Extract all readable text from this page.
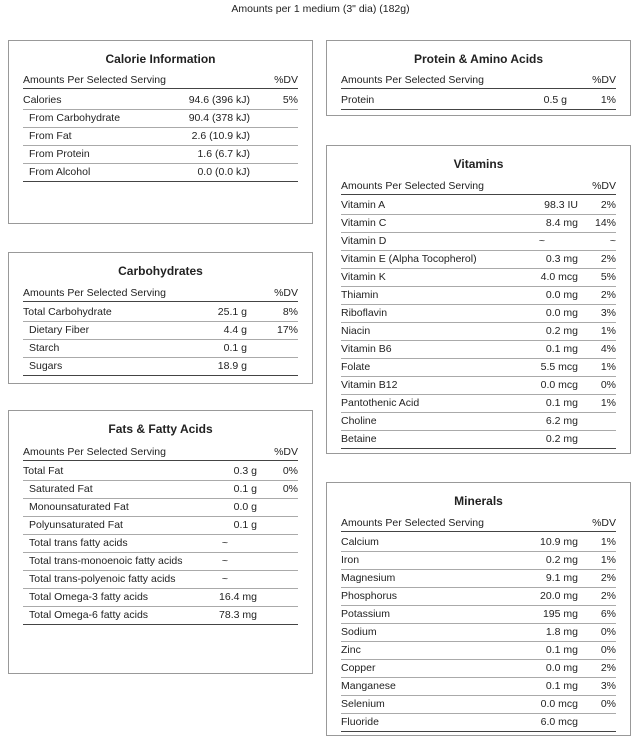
Amounts per 1 medium (3" dia) (182g)
Calorie Information
Amounts Per Selected Serving	%DV
Calories	94.6 (396 kJ)	5%
From Carbohydrate	90.4 (378 kJ)
From Fat	2.6 (10.9 kJ)
From Protein	1.6 (6.7 kJ)
From Alcohol	0.0 (0.0 kJ)
Carbohydrates
Amounts Per Selected Serving	%DV
Total Carbohydrate	25.1 g	8%
Dietary Fiber	4.4 g	17%
Starch	0.1 g
Sugars	18.9 g
Fats & Fatty Acids
Amounts Per Selected Serving	%DV
Total Fat	0.3 g	0%
Saturated Fat	0.1 g	0%
Monounsaturated Fat	0.0 g
Polyunsaturated Fat	0.1 g
Total trans fatty acids	~
Total trans-monoenoic fatty acids	~
Total trans-polyenoic fatty acids	~
Total Omega-3 fatty acids	16.4 mg
Total Omega-6 fatty acids	78.3 mg
Protein & Amino Acids
Amounts Per Selected Serving	%DV
Protein	0.5 g	1%
Vitamins
Amounts Per Selected Serving	%DV
Vitamin A	98.3 IU	2%
Vitamin C	8.4 mg	14%
Vitamin D	~	~
Vitamin E (Alpha Tocopherol)	0.3 mg	2%
Vitamin K	4.0 mcg	5%
Thiamin	0.0 mg	2%
Riboflavin	0.0 mg	3%
Niacin	0.2 mg	1%
Vitamin B6	0.1 mg	4%
Folate	5.5 mcg	1%
Vitamin B12	0.0 mcg	0%
Pantothenic Acid	0.1 mg	1%
Choline	6.2 mg
Betaine	0.2 mg
Minerals
Amounts Per Selected Serving	%DV
Calcium	10.9 mg	1%
Iron	0.2 mg	1%
Magnesium	9.1 mg	2%
Phosphorus	20.0 mg	2%
Potassium	195 mg	6%
Sodium	1.8 mg	0%
Zinc	0.1 mg	0%
Copper	0.0 mg	2%
Manganese	0.1 mg	3%
Selenium	0.0 mcg	0%
Fluoride	6.0 mcg
